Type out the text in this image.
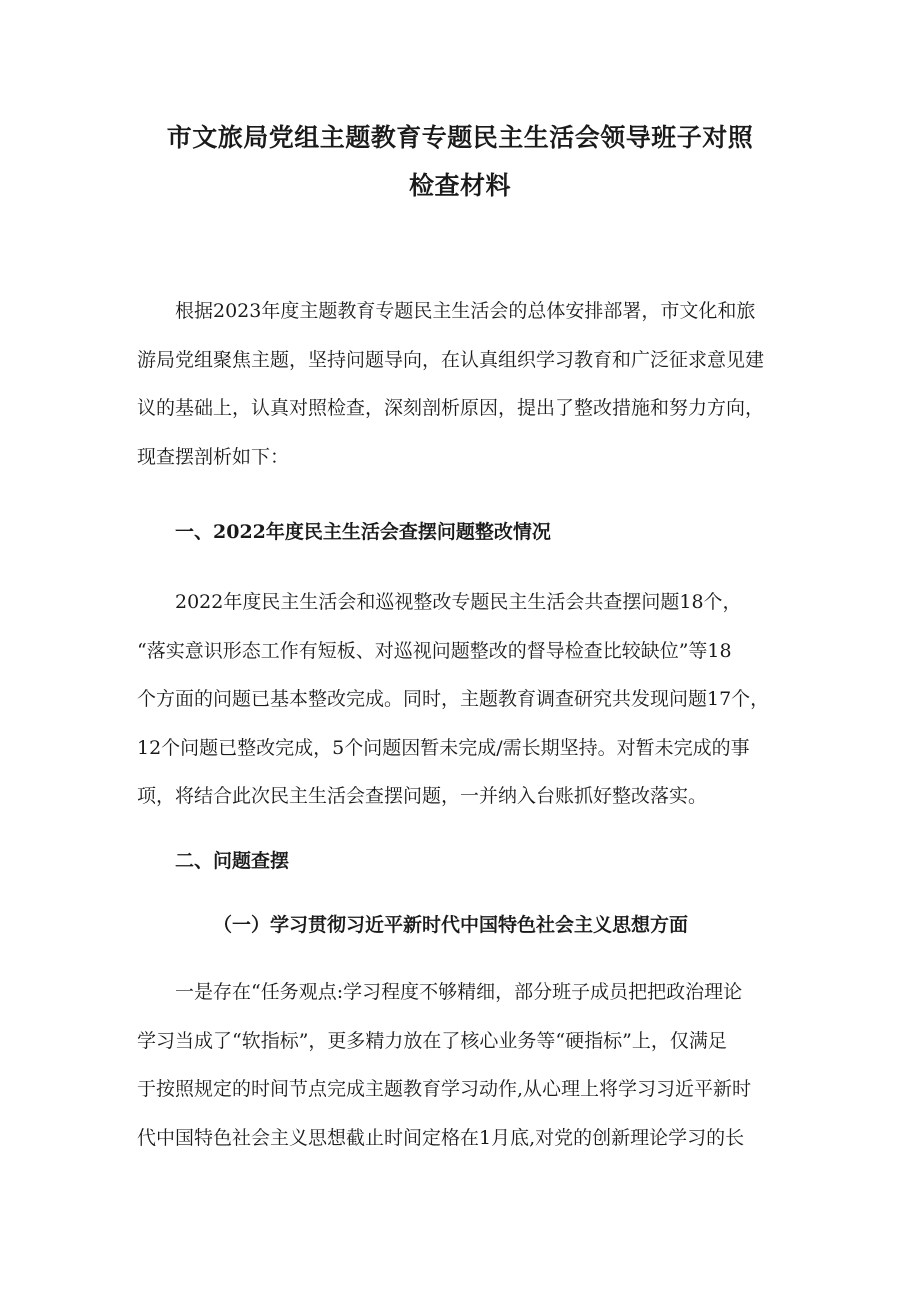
市文旅局党组主题教育专题民主生活会领导班子对照
检查材料

根据2023年度主题教育专题民主生活会的总体安排部署，市文化和旅
游局党组聚焦主题，坚持问题导向，在认真组织学习教育和广泛征求意见建
议的基础上，认真对照检查，深刻剖析原因，提出了整改措施和努力方向，
现查摆剖析如下：

一、2022年度民主生活会查摆问题整改情况

2022年度民主生活会和巡视整改专题民主生活会共查摆问题18个，
“落实意识形态工作有短板、对巡视问题整改的督导检查比较缺位”等18
个方面的问题已基本整改完成。同时，主题教育调查研究共发现问题17个，
12个问题已整改完成，5个问题因暂未完成/需长期坚持。对暂未完成的事
项，将结合此次民主生活会查摆问题，一并纳入台账抓好整改落实。

二、问题查摆
（一）学习贯彻习近平新时代中国特色社会主义思想方面

一是存在“任务观点:学习程度不够精细，部分班子成员把把政治理论
学习当成了“软指标”，更多精力放在了核心业务等“硬指标”上，仅满足
于按照规定的时间节点完成主题教育学习动作,从心理上将学习习近平新时
代中国特色社会主义思想截止时间定格在1月底,对党的创新理论学习的长
